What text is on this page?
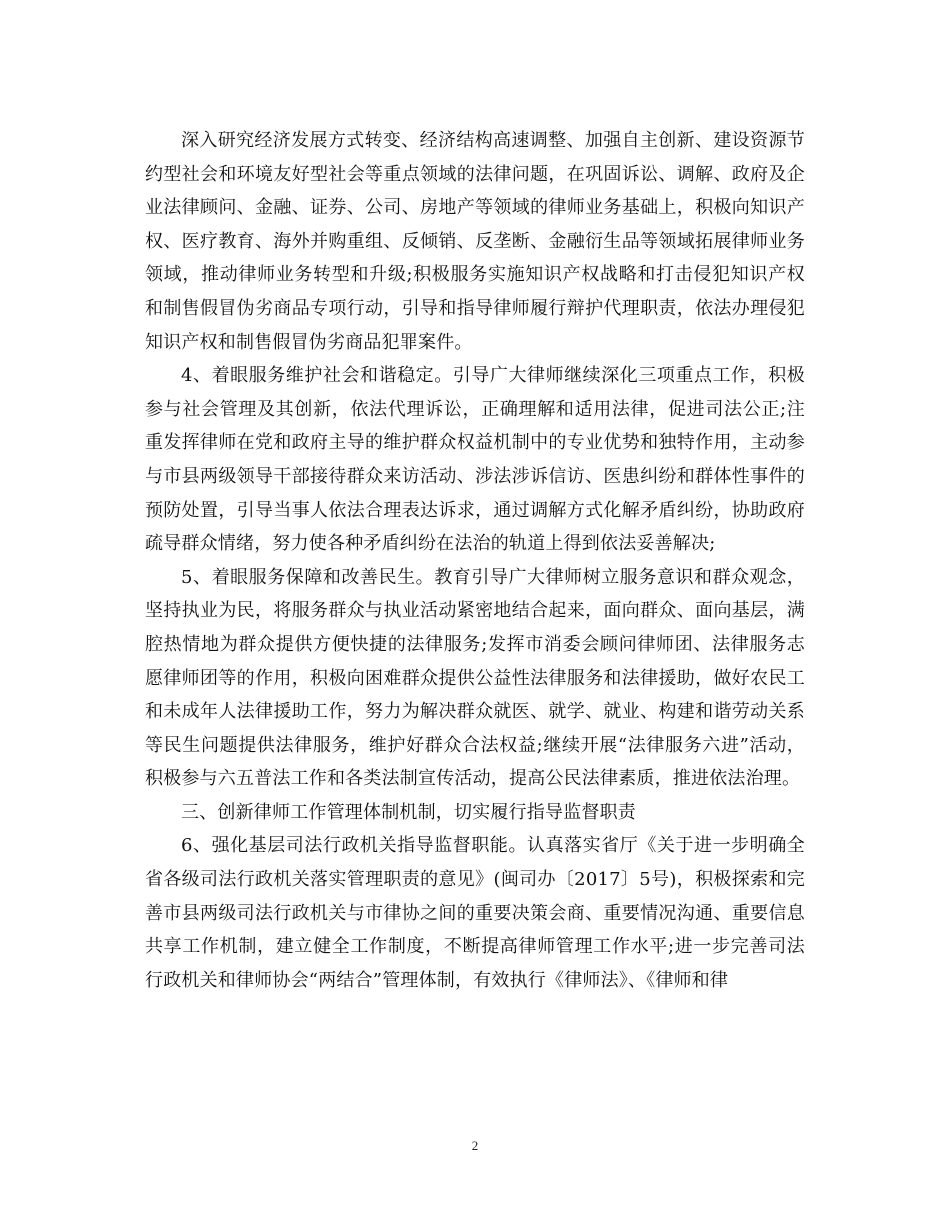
深入研究经济发展方式转变、经济结构高速调整、加强自主创新、建设资源节约型社会和环境友好型社会等重点领域的法律问题，在巩固诉讼、调解、政府及企业法律顾问、金融、证券、公司、房地产等领域的律师业务基础上，积极向知识产权、医疗教育、海外并购重组、反倾销、反垄断、金融衍生品等领域拓展律师业务领域，推动律师业务转型和升级;积极服务实施知识产权战略和打击侵犯知识产权和制售假冒伪劣商品专项行动，引导和指导律师履行辩护代理职责，依法办理侵犯知识产权和制售假冒伪劣商品犯罪案件。

4、着眼服务维护社会和谐稳定。引导广大律师继续深化三项重点工作，积极参与社会管理及其创新，依法代理诉讼，正确理解和适用法律，促进司法公正;注重发挥律师在党和政府主导的维护群众权益机制中的专业优势和独特作用，主动参与市县两级领导干部接待群众来访活动、涉法涉诉信访、医患纠纷和群体性事件的预防处置，引导当事人依法合理表达诉求，通过调解方式化解矛盾纠纷，协助政府疏导群众情绪，努力使各种矛盾纠纷在法治的轨道上得到依法妥善解决;

5、着眼服务保障和改善民生。教育引导广大律师树立服务意识和群众观念，坚持执业为民，将服务群众与执业活动紧密地结合起来，面向群众、面向基层，满腔热情地为群众提供方便快捷的法律服务;发挥市消委会顾问律师团、法律服务志愿律师团等的作用，积极向困难群众提供公益性法律服务和法律援助，做好农民工和未成年人法律援助工作，努力为解决群众就医、就学、就业、构建和谐劳动关系等民生问题提供法律服务，维护好群众合法权益;继续开展“法律服务六进”活动，积极参与六五普法工作和各类法制宣传活动，提高公民法律素质，推进依法治理。

三、创新律师工作管理体制机制，切实履行指导监督职责

6、强化基层司法行政机关指导监督职能。认真落实省厅《关于进一步明确全省各级司法行政机关落实管理职责的意见》(闽司办〔2017〕5号)，积极探索和完善市县两级司法行政机关与市律协之间的重要决策会商、重要情况沟通、重要信息共享工作机制，建立健全工作制度，不断提高律师管理工作水平;进一步完善司法行政机关和律师协会“两结合”管理体制，有效执行《律师法》、《律师和律

2
